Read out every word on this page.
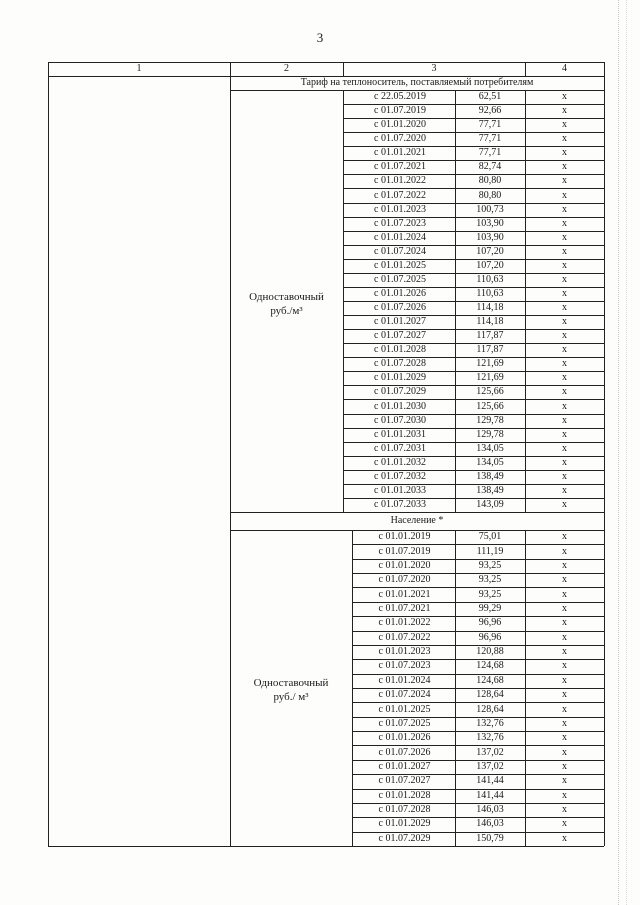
3
1	2	3	4
Тариф на теплоноситель, поставляемый потребителям
с 22.05.2019	62,51	х
с 01.07.2019	92,66	х
с 01.01.2020	77,71	х
с 01.07.2020	77,71	х
с 01.01.2021	77,71	х
с 01.07.2021	82,74	х
с 01.01.2022	80,80	х
с 01.07.2022	80,80	х
с 01.01.2023	100,73	х
с 01.07.2023	103,90	х
с 01.01.2024	103,90	х
с 01.07.2024	107,20	х
с 01.01.2025	107,20	х
с 01.07.2025	110,63	х
с 01.01.2026	110,63	х
с 01.07.2026	114,18	х
с 01.01.2027	114,18	х
с 01.07.2027	117,87	х
с 01.01.2028	117,87	х
с 01.07.2028	121,69	х
с 01.01.2029	121,69	х
с 01.07.2029	125,66	х
с 01.01.2030	125,66	х
с 01.07.2030	129,78	х
с 01.01.2031	129,78	х
с 01.07.2031	134,05	х
с 01.01.2032	134,05	х
с 01.07.2032	138,49	х
с 01.01.2033	138,49	х
с 01.07.2033	143,09	х
Одноставочный
руб./м³
Население *
с 01.01.2019	75,01	х
с 01.07.2019	111,19	х
с 01.01.2020	93,25	х
с 01.07.2020	93,25	х
с 01.01.2021	93,25	х
с 01.07.2021	99,29	х
с 01.01.2022	96,96	х
с 01.07.2022	96,96	х
с 01.01.2023	120,88	х
с 01.07.2023	124,68	х
с 01.01.2024	124,68	х
с 01.07.2024	128,64	х
с 01.01.2025	128,64	х
с 01.07.2025	132,76	х
с 01.01.2026	132,76	х
с 01.07.2026	137,02	х
с 01.01.2027	137,02	х
с 01.07.2027	141,44	х
с 01.01.2028	141,44	х
с 01.07.2028	146,03	х
с 01.01.2029	146,03	х
с 01.07.2029	150,79	х
Одноставочный
руб./ м³
